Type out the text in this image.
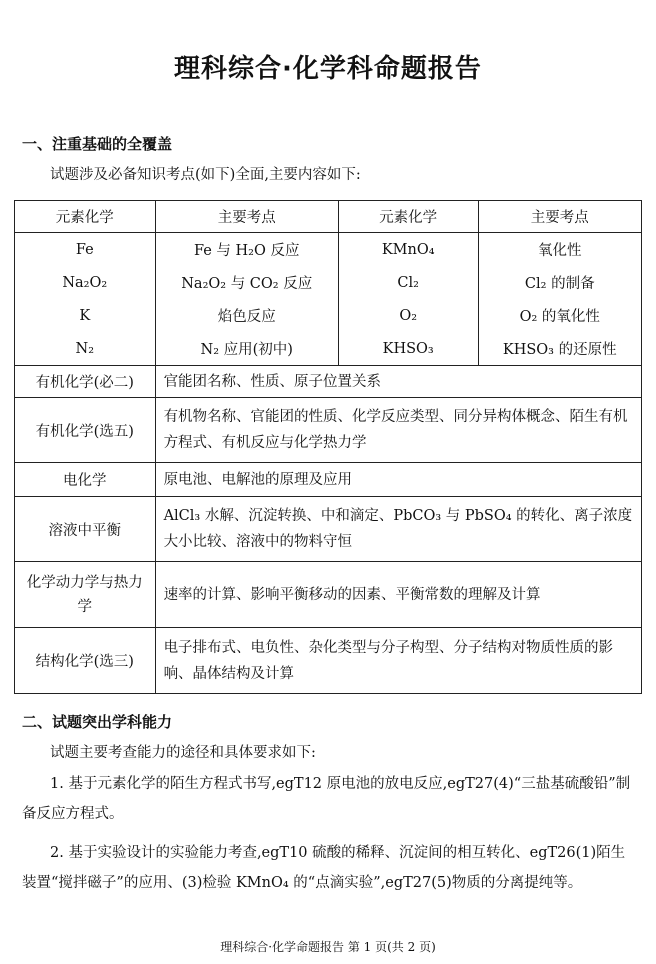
理科综合·化学科命题报告
一、注重基础的全覆盖
试题涉及必备知识考点(如下)全面,主要内容如下:
元素化学	主要考点	元素化学	主要考点
Fe	Fe 与 H₂O 反应	KMnO₄	氧化性
Na₂O₂	Na₂O₂ 与 CO₂ 反应	Cl₂	Cl₂ 的制备
K	焰色反应	O₂	O₂ 的氧化性
N₂	N₂ 应用(初中)	KHSO₃	KHSO₃ 的还原性
有机化学(必二)	官能团名称、性质、原子位置关系		
有机化学(选五)	有机物名称、官能团的性质、化学反应类型、同分异构体概念、陌生有机方程式、有机反应与化学热力学		
电化学	原电池、电解池的原理及应用		
溶液中平衡	AlCl₃ 水解、沉淀转换、中和滴定、PbCO₃ 与 PbSO₄ 的转化、离子浓度大小比较、溶液中的物料守恒		
化学动力学与热力学	速率的计算、影响平衡移动的因素、平衡常数的理解及计算		
结构化学(选三)	电子排布式、电负性、杂化类型与分子构型、分子结构对物质性质的影响、晶体结构及计算		
二、试题突出学科能力
试题主要考查能力的途径和具体要求如下:
1. 基于元素化学的陌生方程式书写,egT12 原电池的放电反应,egT27(4)“三盐基硫酸铅”制备反应方程式。
2. 基于实验设计的实验能力考查,egT10 硫酸的稀释、沉淀间的相互转化、egT26(1)陌生装置“搅拌磁子”的应用、(3)检验 KMnO₄ 的“点滴实验”,egT27(5)物质的分离提纯等。
理科综合·化学命题报告 第 1 页(共 2 页)
